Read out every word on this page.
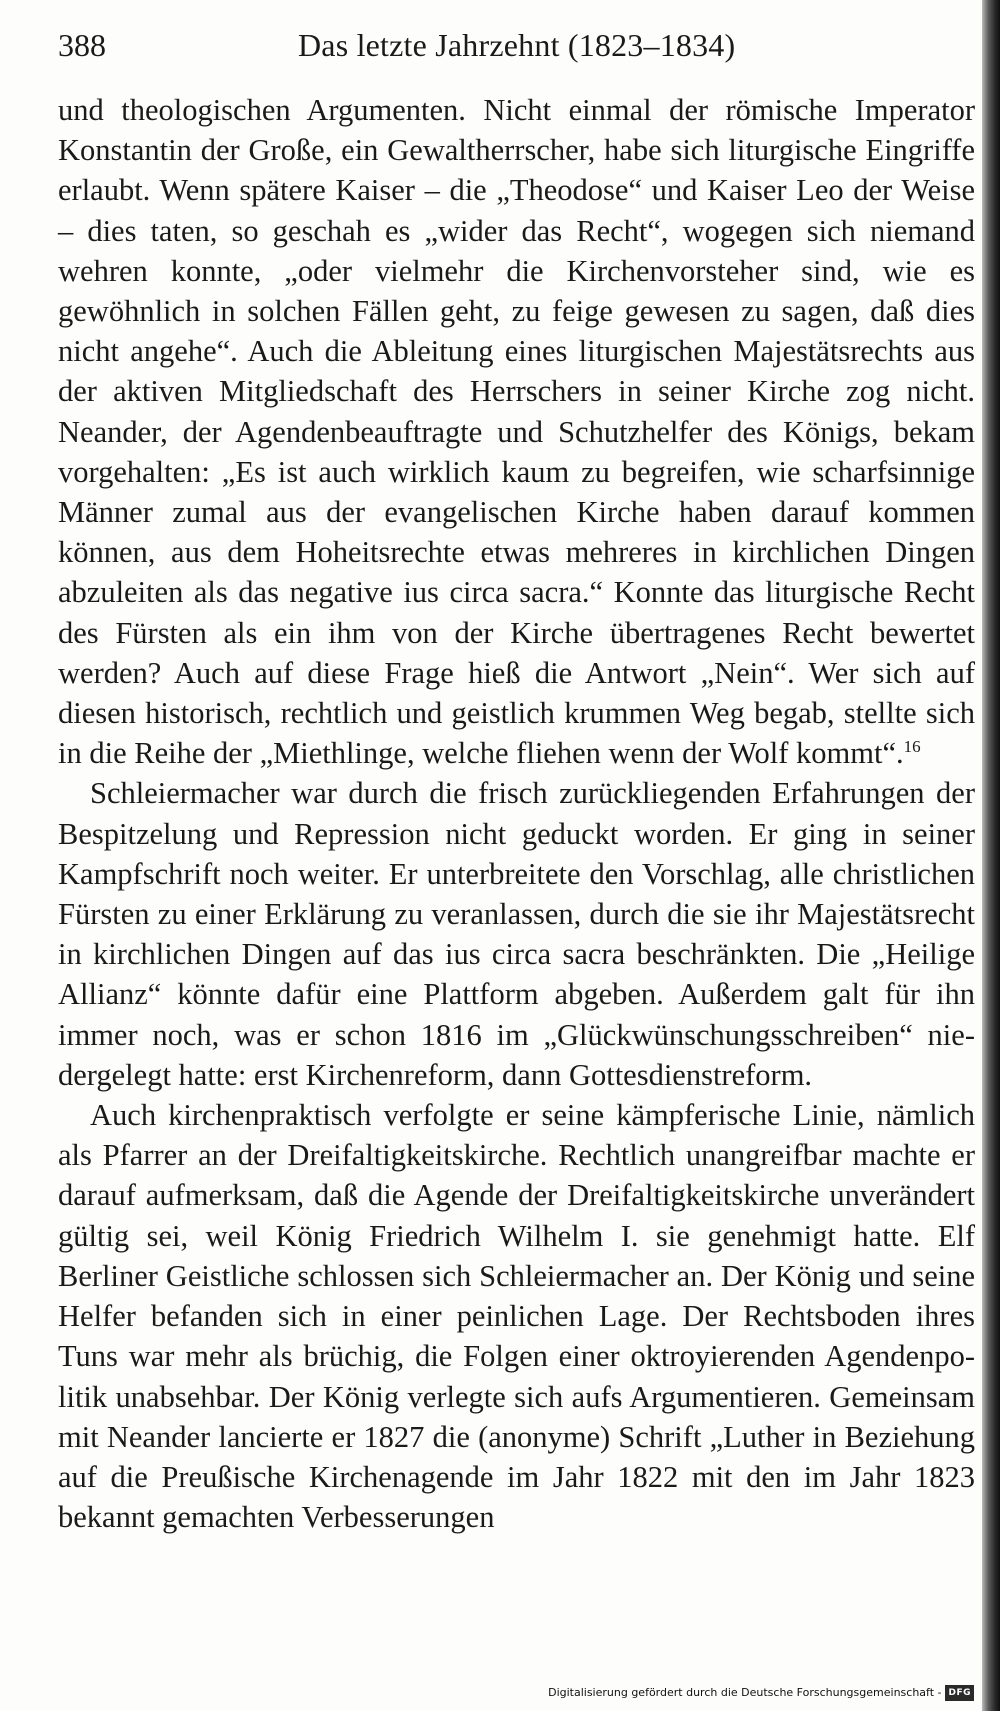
388	Das letzte Jahrzehnt (1823–1834)

und theologischen Argumenten. Nicht einmal der römische Imperator Konstantin der Große, ein Gewaltherrscher, habe sich liturgische Eingriffe erlaubt. Wenn spätere Kaiser – die „Theodose“ und Kaiser Leo der Weise – dies taten, so geschah es „wider das Recht“, wogegen sich niemand wehren konnte, „oder vielmehr die Kirchenvorsteher sind, wie es gewöhnlich in solchen Fällen geht, zu feige gewesen zu sagen, daß dies nicht angehe“. Auch die Ableitung eines liturgischen Majestätsrechts aus der aktiven Mitgliedschaft des Herrschers in seiner Kirche zog nicht. Neander, der Agendenbeauftragte und Schutzhelfer des Königs, bekam vorgehalten: „Es ist auch wirklich kaum zu begreifen, wie scharfsinnige Männer zumal aus der evangelischen Kirche haben darauf kommen können, aus dem Hoheitsrechte etwas mehreres in kirchlichen Dingen abzuleiten als das negative ius circa sacra.“ Konnte das liturgische Recht des Fürsten als ein ihm von der Kirche übertragenes Recht bewertet werden? Auch auf diese Frage hieß die Antwort „Nein“. Wer sich auf diesen historisch, rechtlich und geistlich krummen Weg begab, stellte sich in die Reihe der „Miethlinge, welche fliehen wenn der Wolf kommt“.$^{16}$

Schleiermacher war durch die frisch zurückliegenden Erfahrungen der Bespitzelung und Repression nicht geduckt worden. Er ging in seiner Kampfschrift noch weiter. Er unterbreitete den Vorschlag, alle christlichen Fürsten zu einer Erklärung zu veranlassen, durch die sie ihr Majestätsrecht in kirchlichen Dingen auf das ius circa sacra beschränkten. Die „Heilige Allianz“ könnte dafür eine Plattform abgeben. Außerdem galt für ihn immer noch, was er schon 1816 im „Glückwünschungsschreiben“ niedergelegt hatte: erst Kirchenreform, dann Gottesdienstreform.

Auch kirchenpraktisch verfolgte er seine kämpferische Linie, nämlich als Pfarrer an der Dreifaltigkeitskirche. Rechtlich unangreifbar machte er darauf aufmerksam, daß die Agende der Dreifaltigkeitskirche unverändert gültig sei, weil König Friedrich Wilhelm I. sie genehmigt hatte. Elf Berliner Geistliche schlossen sich Schleiermacher an. Der König und seine Helfer befanden sich in einer peinlichen Lage. Der Rechtsboden ihres Tuns war mehr als brüchig, die Folgen einer oktroyierenden Agendenpolitik unabsehbar. Der König verlegte sich aufs Argumentieren. Gemeinsam mit Neander lancierte er 1827 die (anonyme) Schrift „Luther in Beziehung auf die Preußische Kirchenagende im Jahr 1822 mit den im Jahr 1823 bekannt gemachten Verbesserungen

Digitalisierung gefördert durch die Deutsche Forschungsgemeinschaft - DFG
